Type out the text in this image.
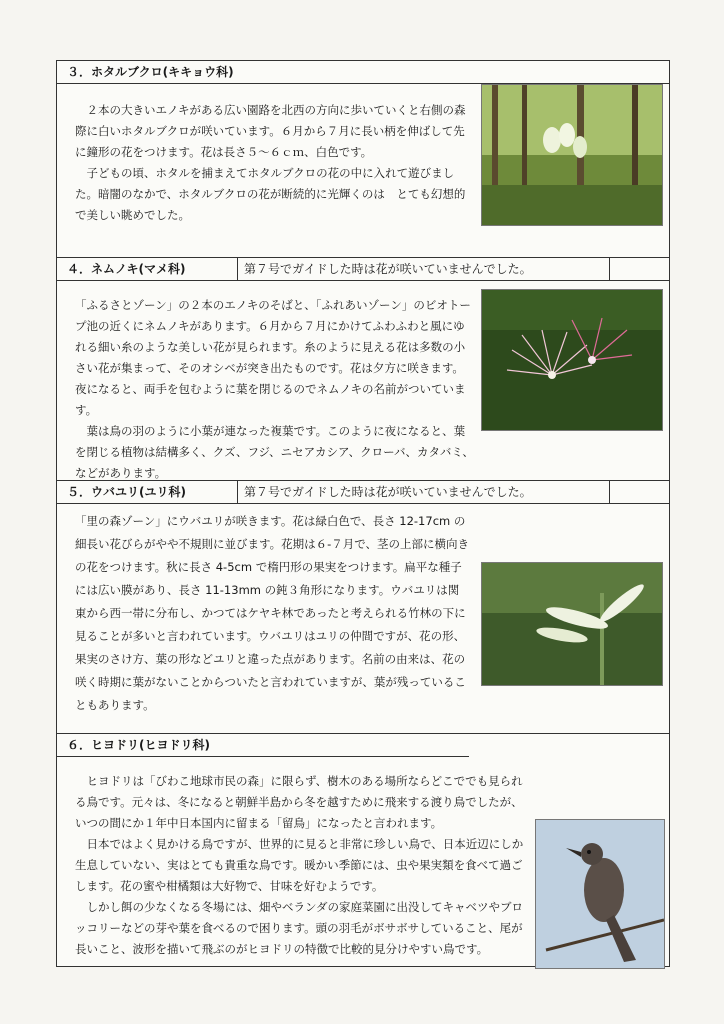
３．ホタルブクロ(キキョウ科)

２本の大きいエノキがある広い園路を北西の方向に歩いていくと右側の森際に白いホタルブクロが咲いています。６月から７月に長い柄を伸ばして先に鐘形の花をつけます。花は長さ５～６ｃｍ、白色です。

子どもの頃、ホタルを捕まえてホタルブクロの花の中に入れて遊びました。暗闇のなかで、ホタルブクロの花が断続的に光輝くのは　とても幻想的で美しい眺めでした。

４．ネムノキ(マメ科)	第７号でガイドした時は花が咲いていませんでした。

「ふるさとゾーン」の２本のエノキのそばと、「ふれあいゾーン」のビオトープ池の近くにネムノキがあります。６月から７月にかけてふわふわと風にゆれる細い糸のような美しい花が見られます。糸のように見える花は多数の小さい花が集まって、そのオシベが突き出たものです。花は夕方に咲きます。夜になると、両手を包むように葉を閉じるのでネムノキの名前がついています。

葉は鳥の羽のように小葉が連なった複葉です。このように夜になると、葉を閉じる植物は結構多く、クズ、フジ、ニセアカシア、クローバ、カタバミ、などがあります。

５．ウバユリ(ユリ科)	第７号でガイドした時は花が咲いていませんでした。

「里の森ゾーン」にウバユリが咲きます。花は緑白色で、長さ 12-17cm の細長い花びらがやや不規則に並びます。花期は６-７月で、茎の上部に横向きの花をつけます。秋に長さ 4-5cm で楕円形の果実をつけます。扁平な種子には広い膜があり、長さ 11-13mm の鈍３角形になります。ウバユリは関東から西一帯に分布し、かつてはケヤキ林であったと考えられる竹林の下に見ることが多いと言われています。ウバユリはユリの仲間ですが、花の形、果実のさけ方、葉の形などユリと違った点があります。名前の由来は、花の咲く時期に葉がないことからついたと言われていますが、葉が残っていることもあります。

６．ヒヨドリ(ヒヨドリ科)

ヒヨドリは「びわこ地球市民の森」に限らず、樹木のある場所ならどこででも見られる鳥です。元々は、冬になると朝鮮半島から冬を越すために飛来する渡り鳥でしたが、いつの間にか１年中日本国内に留まる「留鳥」になったと言われます。

日本ではよく見かける鳥ですが、世界的に見ると非常に珍しい鳥で、日本近辺にしか生息していない、実はとても貴重な鳥です。暖かい季節には、虫や果実類を食べて過ごします。花の蜜や柑橘類は大好物で、甘味を好むようです。

しかし餌の少なくなる冬場には、畑やベランダの家庭菜園に出没してキャベツやブロッコリーなどの芽や葉を食べるので困ります。頭の羽毛がボサボサしていること、尾が長いこと、波形を描いて飛ぶのがヒヨドリの特徴で比較的見分けやすい鳥です。
